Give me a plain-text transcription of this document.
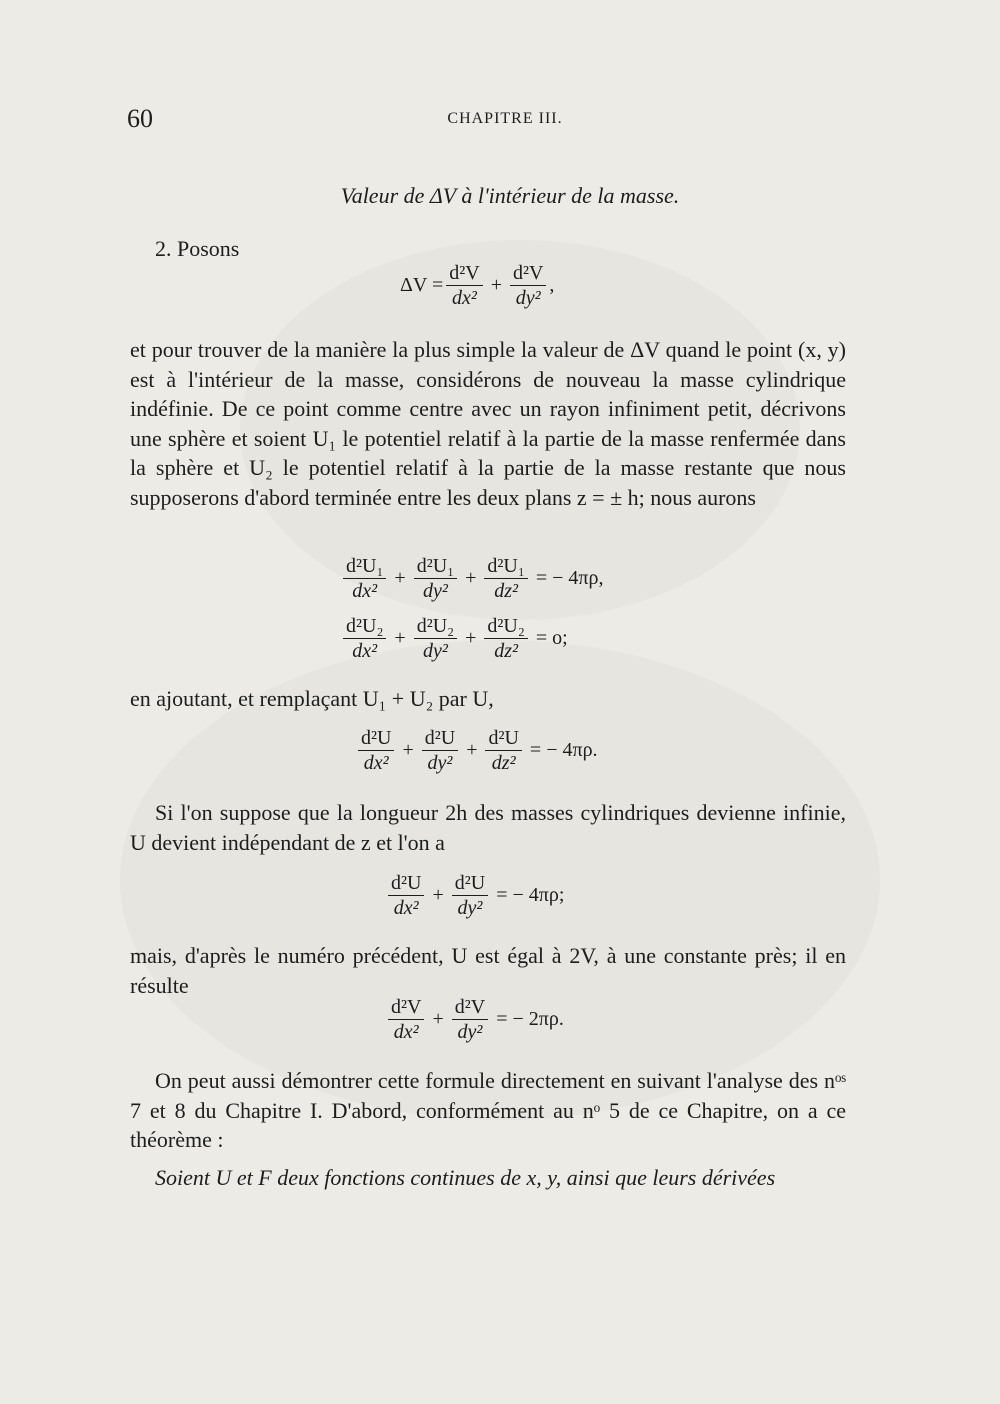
60	CHAPITRE III.
Valeur de ΔV à l'intérieur de la masse.
2. Posons
$\Delta V = \frac{\text{d²V}}{\text{dx²}} + \frac{\text{d²V}}{\text{dy²}}$ ,
et pour trouver de la manière la plus simple la valeur de ΔV quand le point (x, y) est à l'intérieur de la masse, considérons de nouveau la masse cylindrique indéfinie. De ce point comme centre avec un rayon infiniment petit, décrivons une sphère et soient U₁ le potentiel relatif à la partie de la masse renfermée dans la sphère et U₂ le potentiel relatif à la partie de la masse restante que nous supposerons d'abord terminée entre les deux plans z = ± h; nous aurons
$\frac{\text{d²U₁}}{\text{dx²}} + \frac{\text{d²U₁}}{\text{dy²}} + \frac{\text{d²U₁}}{\text{dz²}}$ = − 4πρ,
$\frac{\text{d²U₂}}{\text{dx²}} + \frac{\text{d²U₂}}{\text{dy²}} + \frac{\text{d²U₂}}{\text{dz²}} = o$;
en ajoutant, et remplaçant U₁ + U₂ par U,
$\frac{\text{d²U}}{\text{dx²}} + \frac{\text{d²U}}{\text{dy²}} + \frac{\text{d²U}}{\text{dz²}}$ = − 4πρ.
Si l'on suppose que la longueur 2h des masses cylindriques devienne infinie, U devient indépendant de z et l'on a
$\frac{\text{d²U}}{\text{dx²}} + \frac{\text{d²U}}{\text{dy²}}$ = − 4πρ;
mais, d'après le numéro précédent, U est égal à 2V, à une constante près; il en résulte
$\frac{\text{d²V}}{\text{dx²}} + \frac{\text{d²V}}{\text{dy²}}$ = − 2πρ.
On peut aussi démontrer cette formule directement en suivant l'analyse des nᵒˢ 7 et 8 du Chapitre I. D'abord, conformément au nᵒ 5 de ce Chapitre, on a ce théorème :
Soient U et F deux fonctions continues de x, y, ainsi que leurs dérivées
